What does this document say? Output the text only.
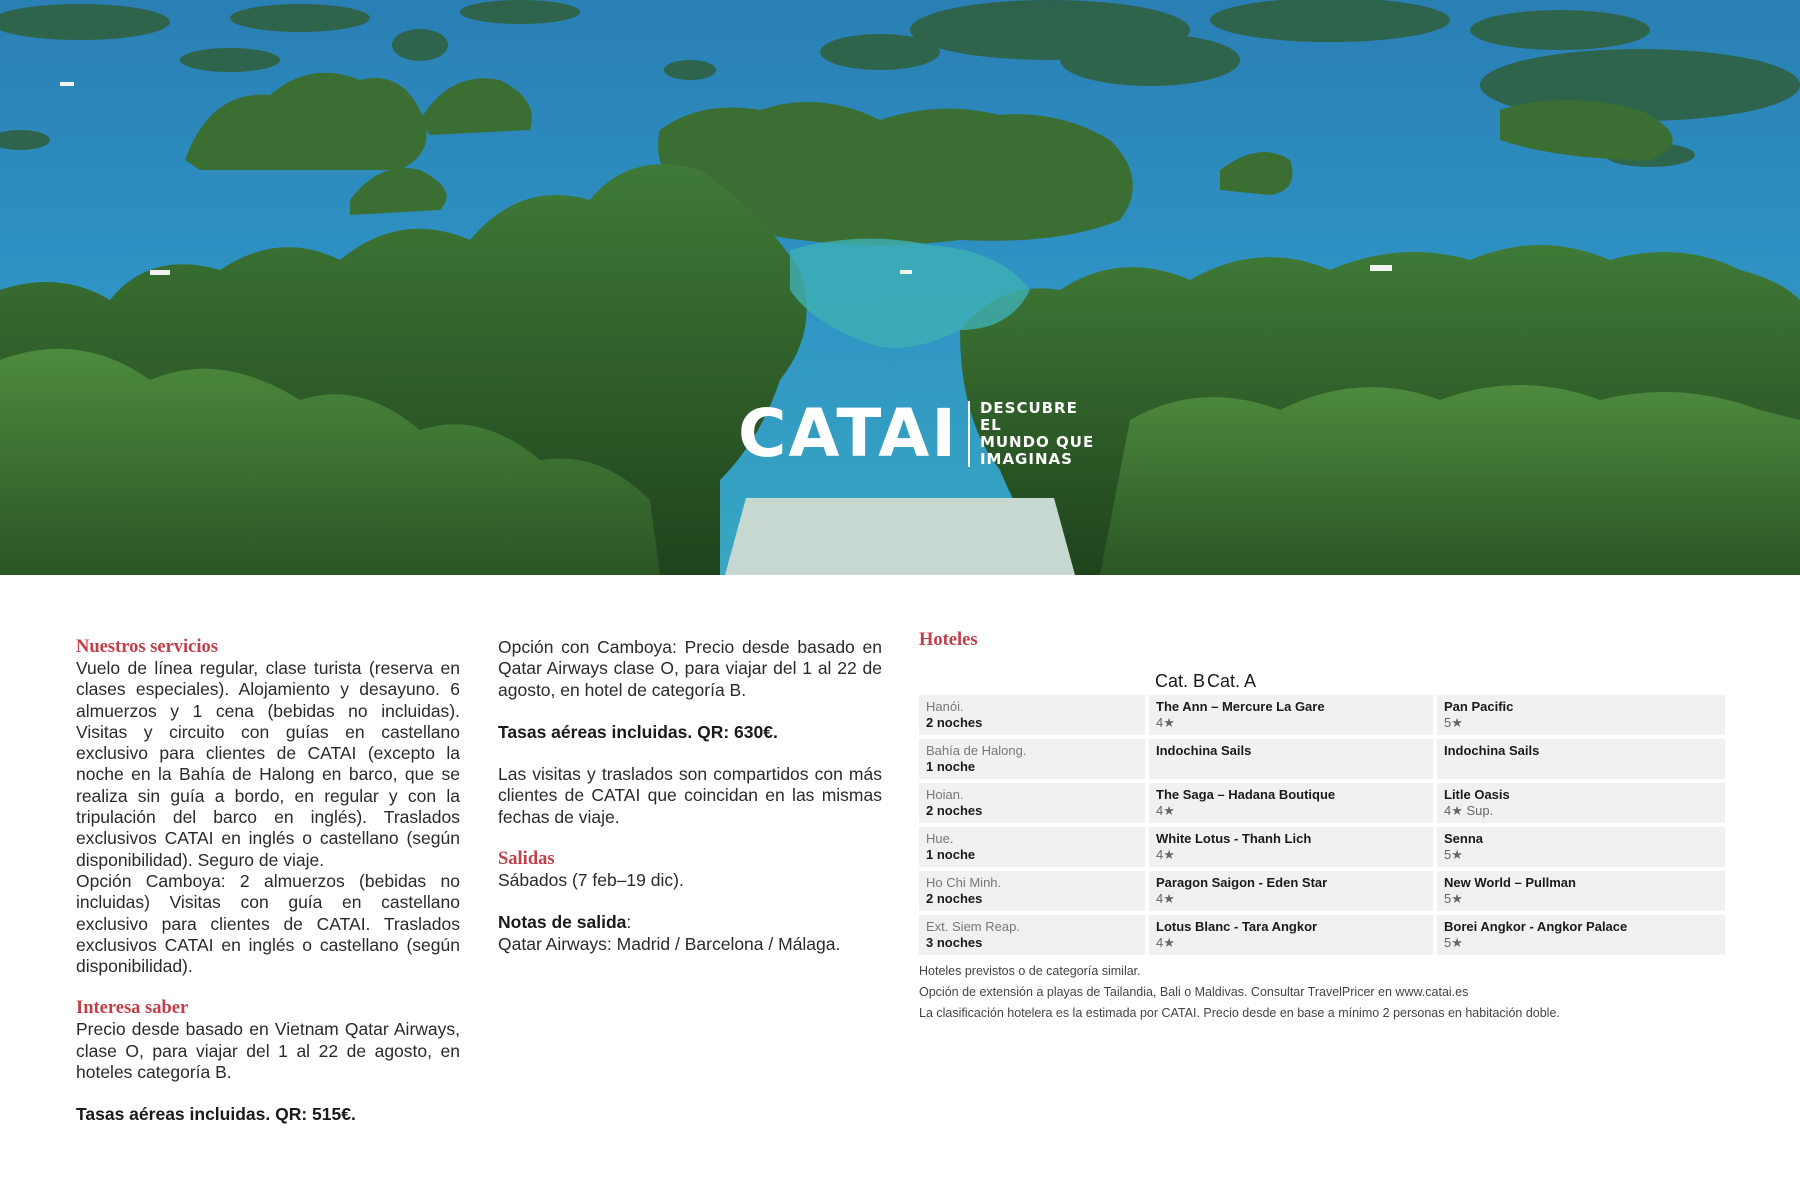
CATAI	DESCUBRE EL
MUNDO QUE
IMAGINAS
Nuestros servicios
Vuelo de línea regular, clase turista (reserva en clases especiales). Alojamiento y desayuno. 6 almuerzos y 1 cena (bebidas no incluidas). Visitas y circuito con guías en castellano exclusivo para clientes de CATAI (excepto la noche en la Bahía de Halong en barco, que se realiza sin guía a bordo, en regular y con la tripulación del barco en inglés). Traslados exclusivos CATAI en inglés o castellano (según disponibilidad). Seguro de viaje.
Opción Camboya: 2 almuerzos (bebidas no incluidas) Visitas con guía en castellano exclusivo para clientes de CATAI. Traslados exclusivos CATAI en inglés o castellano (según disponibilidad).
Interesa saber
Precio desde basado en Vietnam Qatar Airways, clase O, para viajar del 1 al 22 de agosto, en hoteles categoría B.
Tasas aéreas incluidas. QR: 515€.
Opción con Camboya: Precio desde basado en Qatar Airways clase O, para viajar del 1 al 22 de agosto, en hotel de categoría B.
Tasas aéreas incluidas. QR: 630€.
Las visitas y traslados son compartidos con más clientes de CATAI que coincidan en las mismas fechas de viaje.
Salidas
Sábados (7 feb–19 dic).
Notas de salida:
Qatar Airways: Madrid / Barcelona / Málaga.
Hoteles
Cat. B Cat. A
Hanói.
2 noches
The Ann – Mercure La Gare
4★
Pan Pacific
5★
Bahía de Halong.
1 noche
Indochina Sails	Indochina Sails
Hoian.
2 noches
The Saga – Hadana Boutique
4★
Litle Oasis
4★ Sup.
Hue.
1 noche
White Lotus - Thanh Lich
4★
Senna
5★
Ho Chi Minh.
2 noches
Paragon Saigon - Eden Star
4★
New World – Pullman
5★
Ext. Siem Reap.
3 noches
Lotus Blanc - Tara Angkor
4★
Borei Angkor - Angkor Palace
5★
Hoteles previstos o de categoría similar.
Opción de extensión a playas de Tailandia, Bali o Maldivas. Consultar TravelPricer en www.catai.es
La clasificación hotelera es la estimada por CATAI. Precio desde en base a mínimo 2 personas en habitación doble.
